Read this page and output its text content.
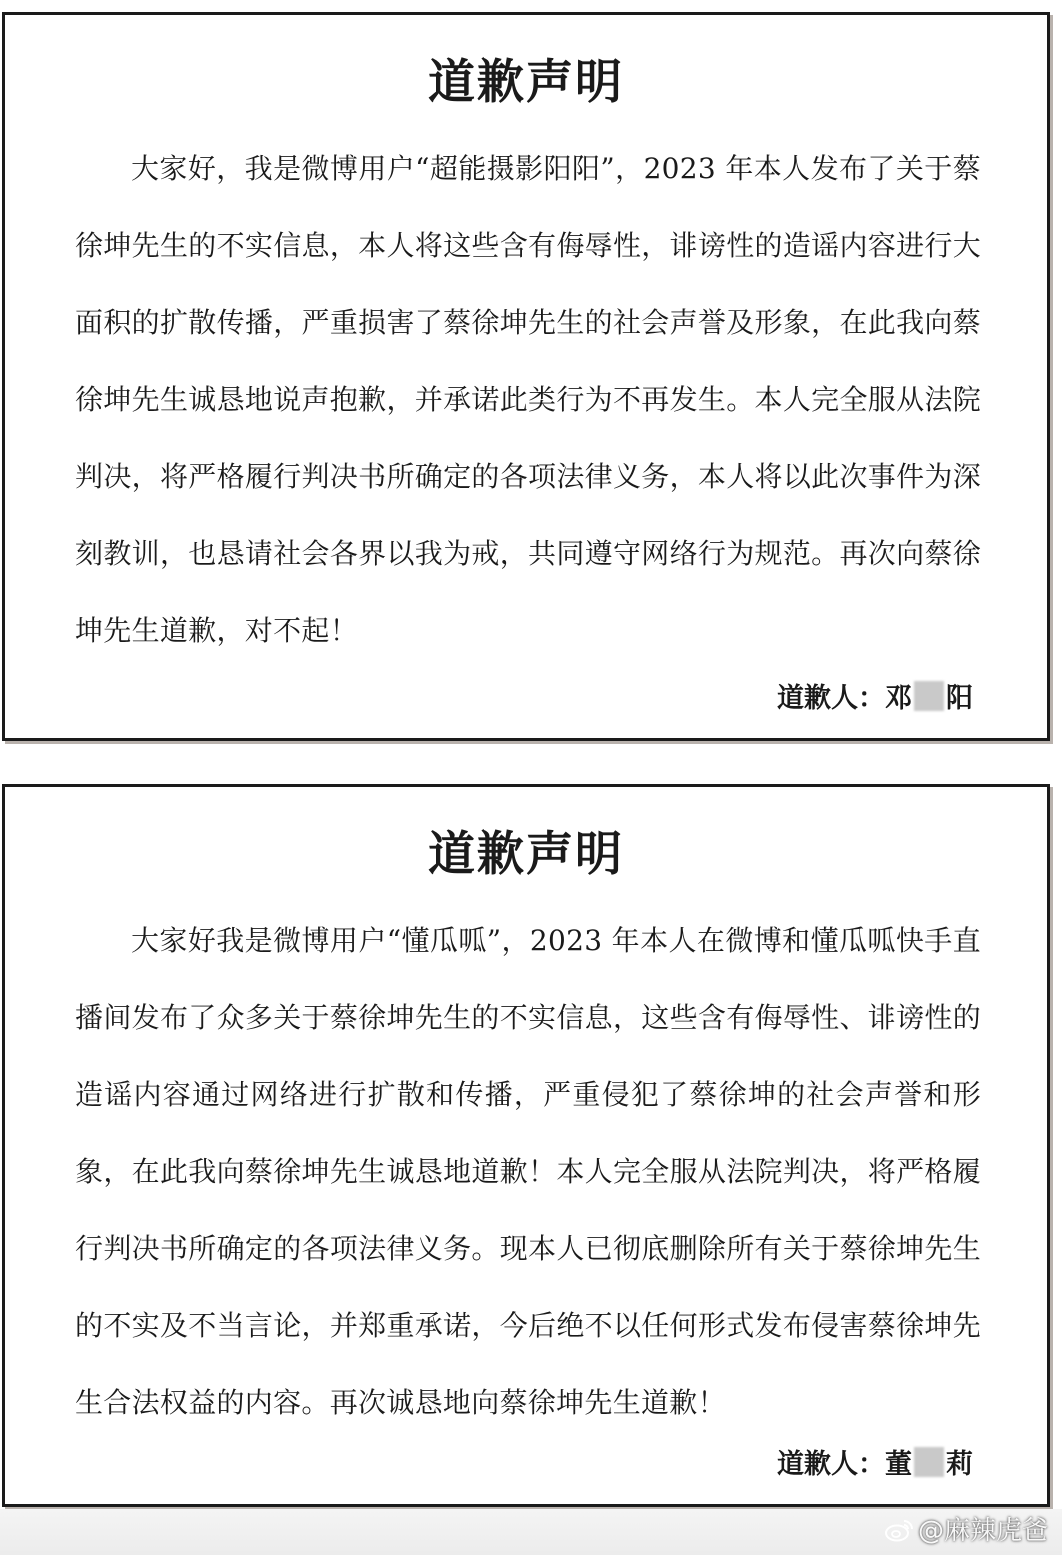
道歉声明

大家好，我是微博用户“超能摄影阳阳”，2023 年本人发布了关于蔡徐坤先生的不实信息，本人将这些含有侮辱性，诽谤性的造谣内容进行大面积的扩散传播，严重损害了蔡徐坤先生的社会声誉及形象，在此我向蔡徐坤先生诚恳地说声抱歉，并承诺此类行为不再发生。本人完全服从法院判决，将严格履行判决书所确定的各项法律义务，本人将以此次事件为深刻教训，也恳请社会各界以我为戒，共同遵守网络行为规范。再次向蔡徐坤先生道歉，对不起！

道歉人：邓 阳
道歉声明

大家好我是微博用户“懂瓜呱”，2023 年本人在微博和懂瓜呱快手直播间发布了众多关于蔡徐坤先生的不实信息，这些含有侮辱性、诽谤性的造谣内容通过网络进行扩散和传播，严重侵犯了蔡徐坤的社会声誉和形象，在此我向蔡徐坤先生诚恳地道歉！本人完全服从法院判决，将严格履行判决书所确定的各项法律义务。现本人已彻底删除所有关于蔡徐坤先生的不实及不当言论，并郑重承诺，今后绝不以任何形式发布侵害蔡徐坤先生合法权益的内容。再次诚恳地向蔡徐坤先生道歉！

道歉人：董 莉
@麻辣虎爸
